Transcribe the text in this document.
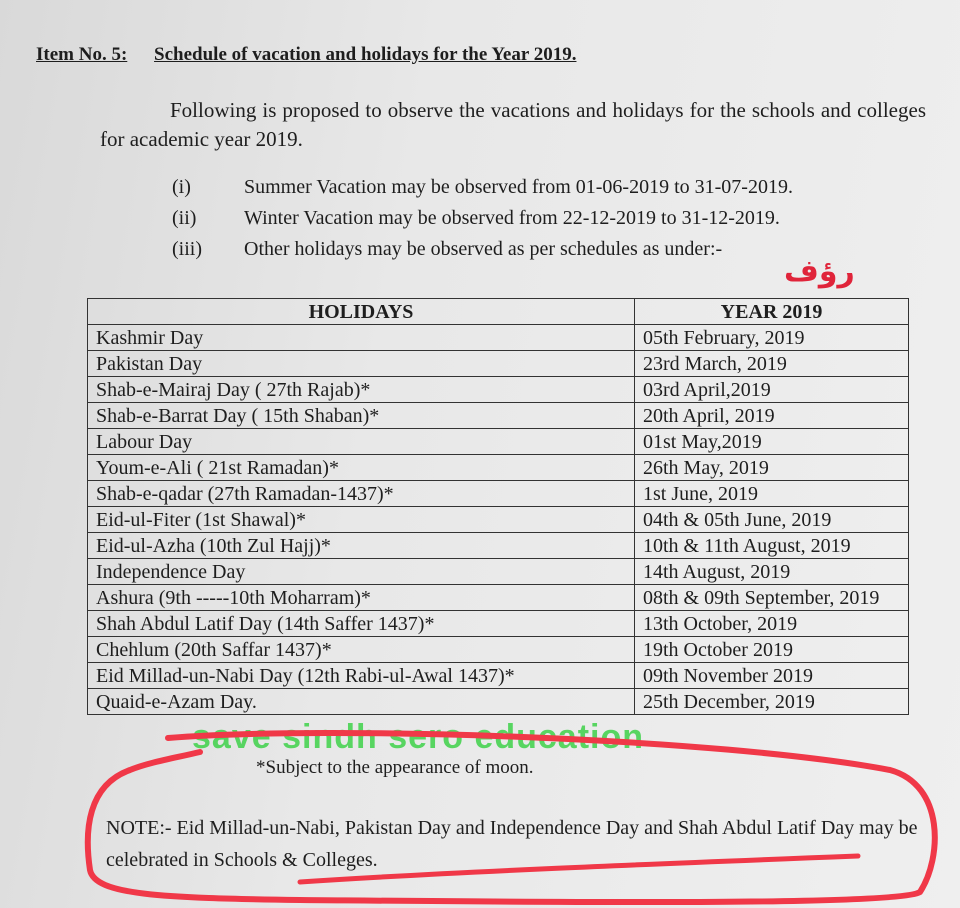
Item No. 5: Schedule of vacation and holidays for the Year 2019.
Following is proposed to observe the vacations and holidays for the schools and colleges for academic year 2019.
(i)	Summer Vacation may be observed from 01-06-2019 to 31-07-2019.
(ii) Winter Vacation may be observed from 22-12-2019 to 31-12-2019.
(iii) Other holidays may be observed as per schedules as under:-
رؤف
HOLIDAYS	YEAR 2019
Kashmir Day	05th February, 2019
Pakistan Day	23rd March, 2019
Shab-e-Mairaj Day ( 27th Rajab)*	03rd April,2019
Shab-e-Barrat Day ( 15th Shaban)*	20th April, 2019
Labour Day	01st May,2019
Youm-e-Ali ( 21st Ramadan)*	26th May, 2019
Shab-e-qadar (27th Ramadan-1437)*	1st June, 2019
Eid-ul-Fiter (1st Shawal)*	04th & 05th June, 2019
Eid-ul-Azha (10th Zul Hajj)*	10th & 11th August, 2019
Independence Day	14th August, 2019
Ashura (9th -----10th Moharram)*	08th & 09th September, 2019
Shah Abdul Latif Day (14th Saffer 1437)*	13th October, 2019
Chehlum (20th Saffar 1437)*	19th October 2019
Eid Millad-un-Nabi Day (12th Rabi-ul-Awal 1437)*	09th November 2019
Quaid-e-Azam Day.	25th December, 2019
save sindh sero education
*Subject to the appearance of moon.
NOTE:- Eid Millad-un-Nabi, Pakistan Day and Independence Day and Shah Abdul Latif Day may be celebrated in Schools & Colleges.
